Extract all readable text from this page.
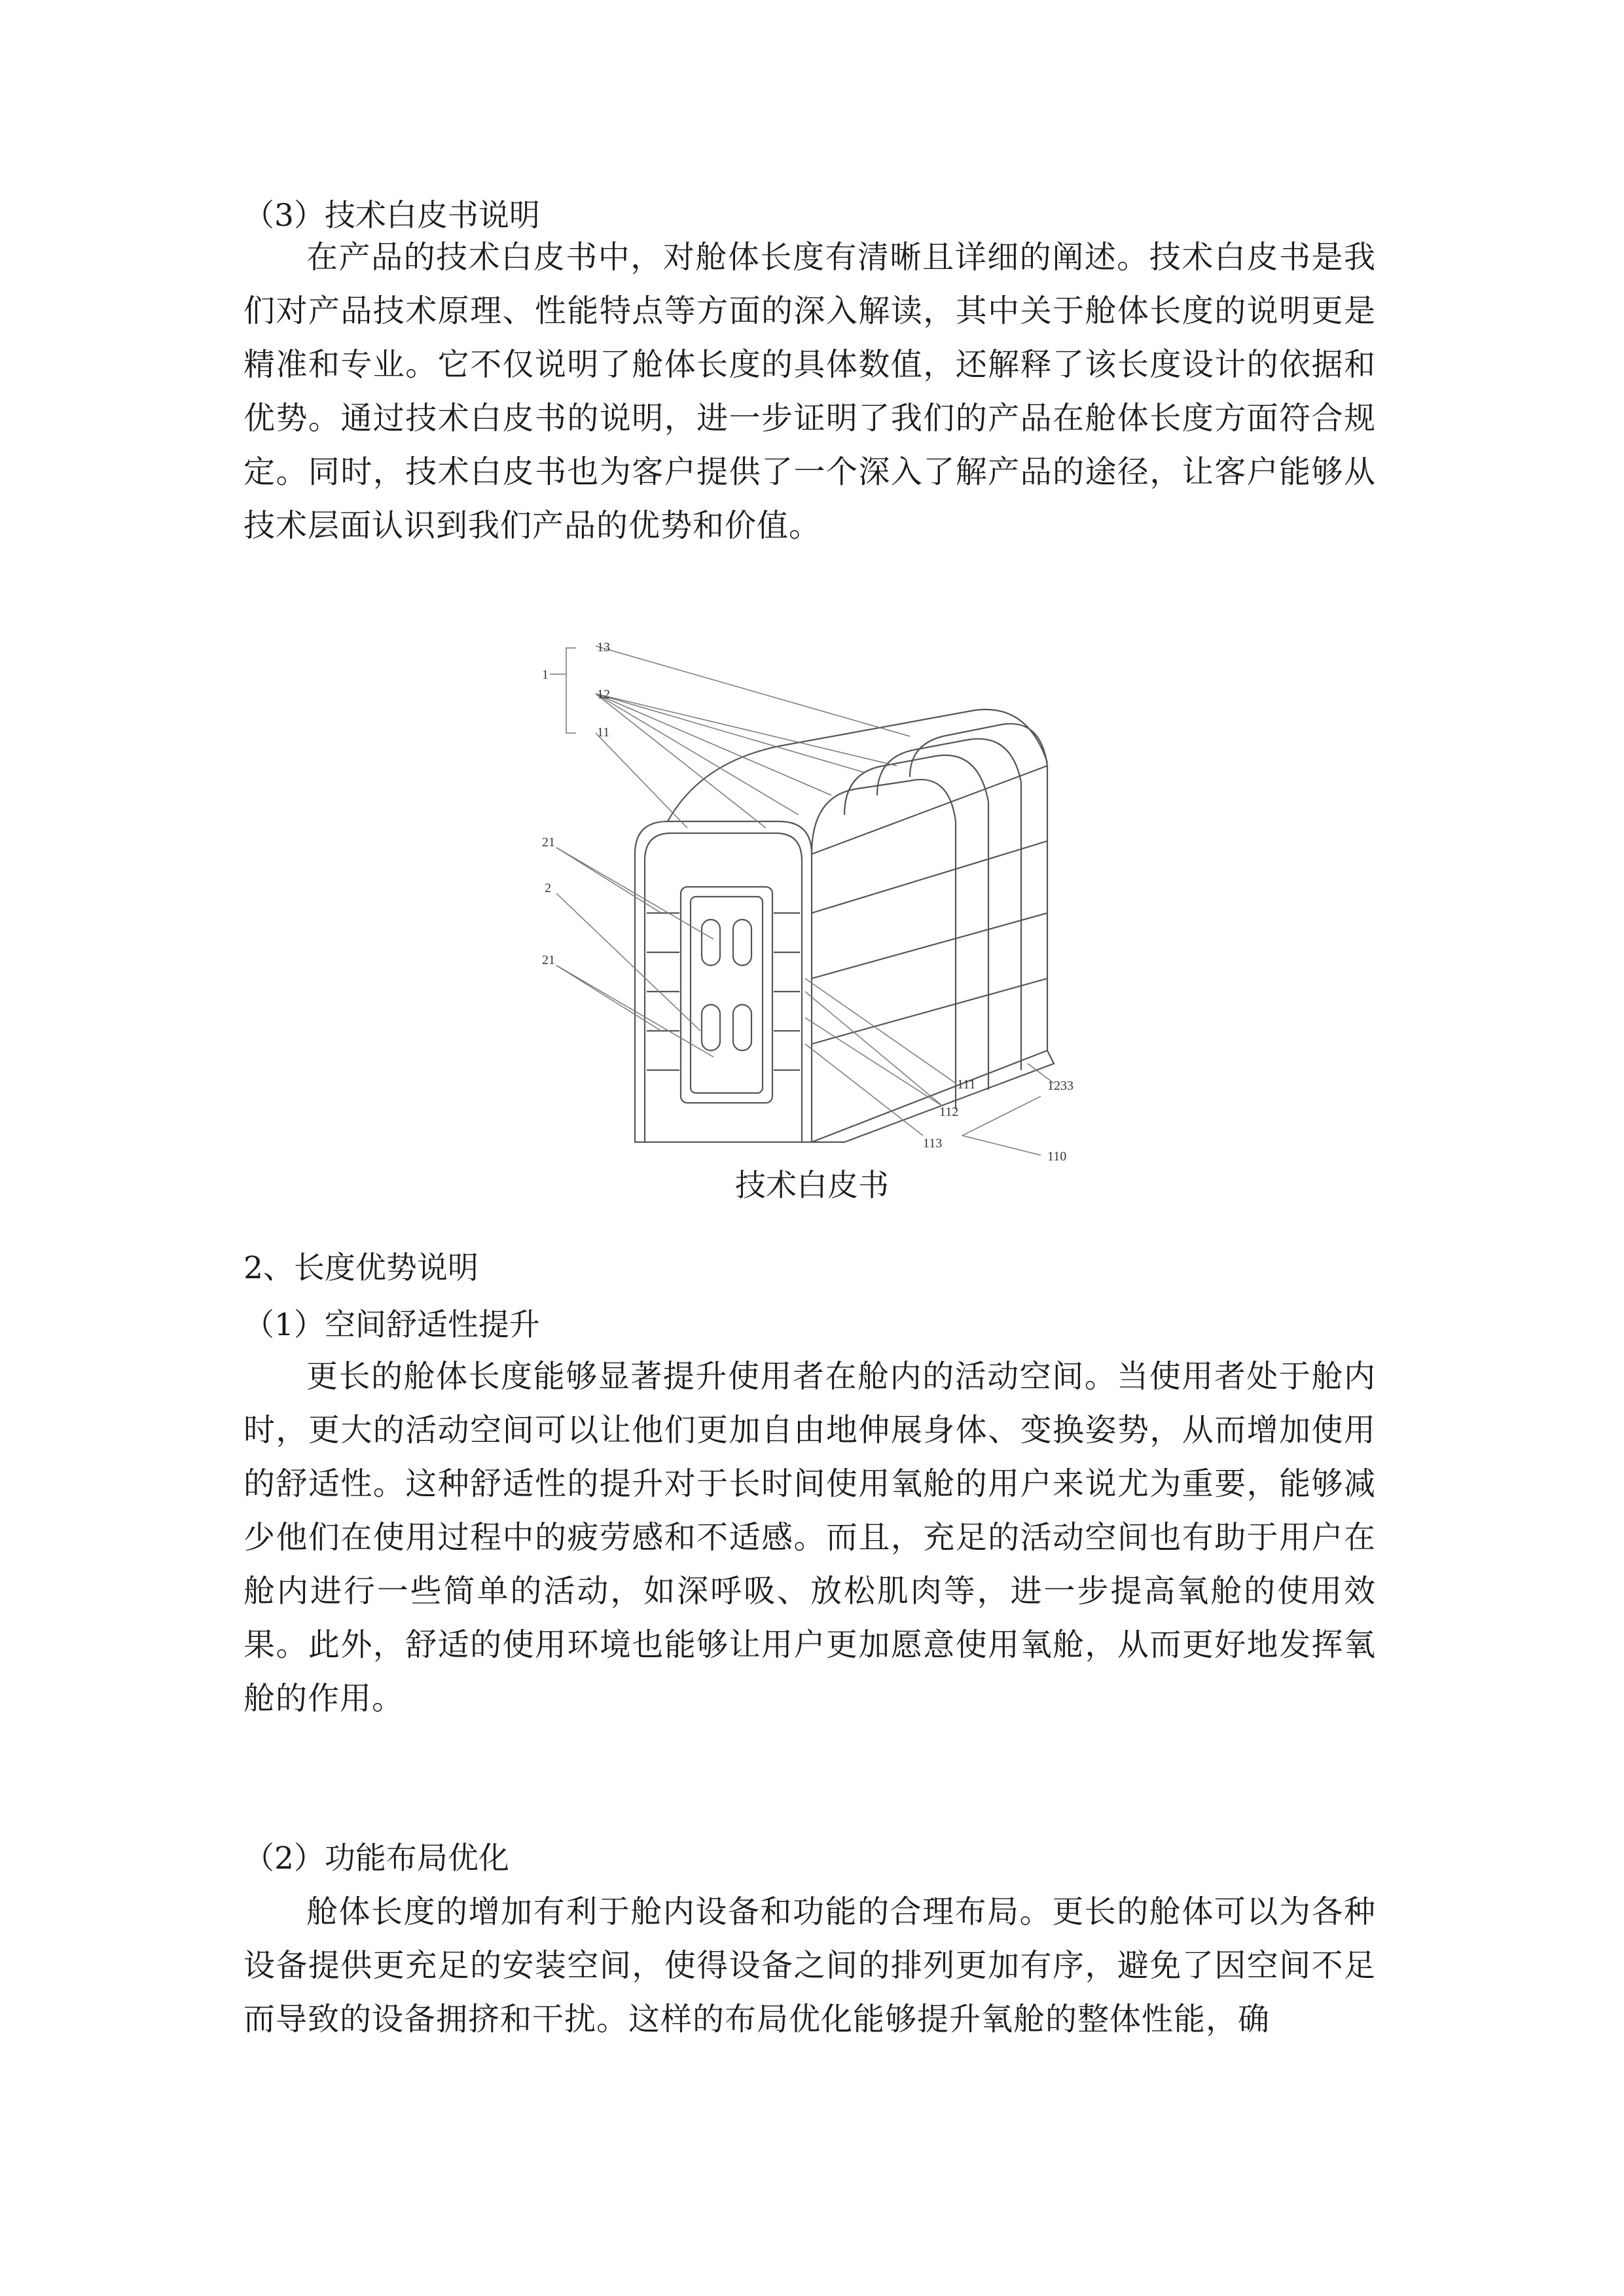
（3）技术白皮书说明

在产品的技术白皮书中，对舱体长度有清晰且详细的阐述。技术白皮书是我们对产品技术原理、性能特点等方面的深入解读，其中关于舱体长度的说明更是精准和专业。它不仅说明了舱体长度的具体数值，还解释了该长度设计的依据和优势。通过技术白皮书的说明，进一步证明了我们的产品在舱体长度方面符合规定。同时，技术白皮书也为客户提供了一个深入了解产品的途径，让客户能够从技术层面认识到我们产品的优势和价值。

1
13
12
11
21
2
21
111	1233
112
113
110
技术白皮书
2、长度优势说明
（1）空间舒适性提升

更长的舱体长度能够显著提升使用者在舱内的活动空间。当使用者处于舱内时，更大的活动空间可以让他们更加自由地伸展身体、变换姿势，从而增加使用的舒适性。这种舒适性的提升对于长时间使用氧舱的用户来说尤为重要，能够减少他们在使用过程中的疲劳感和不适感。而且，充足的活动空间也有助于用户在舱内进行一些简单的活动，如深呼吸、放松肌肉等，进一步提高氧舱的使用效果。此外，舒适的使用环境也能够让用户更加愿意使用氧舱，从而更好地发挥氧舱的作用。

（2）功能布局优化

舱体长度的增加有利于舱内设备和功能的合理布局。更长的舱体可以为各种设备提供更充足的安装空间，使得设备之间的排列更加有序，避免了因空间不足而导致的设备拥挤和干扰。这样的布局优化能够提升氧舱的整体性能，确
